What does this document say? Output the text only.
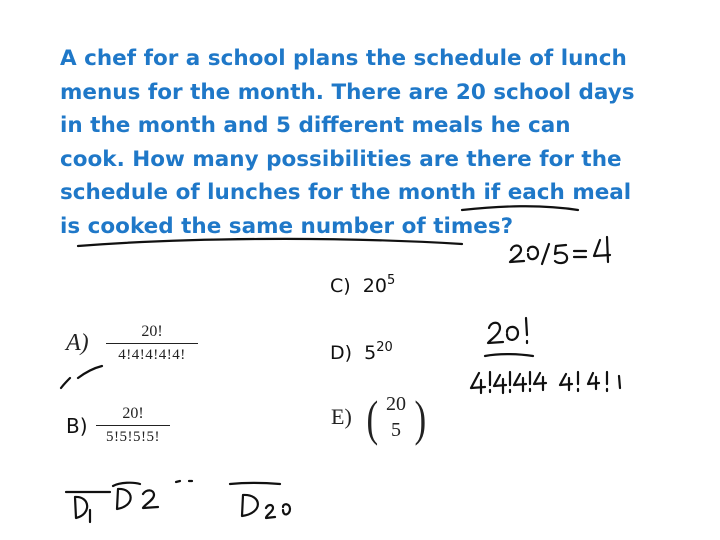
A chef for a school plans the schedule of lunch
menus for the month. There are 20 school days
in the month and 5 different meals he can
cook. How many possibilities are there for the
schedule of lunches for the month if each meal
is cooked the same number of times?
$A) \frac{20!}{4!4!4!4!4!}$
$B) \frac{20!}{5!5!5!5!}$
C) $20^5$
D) $5^{20}$
E) ( 20
5 )
